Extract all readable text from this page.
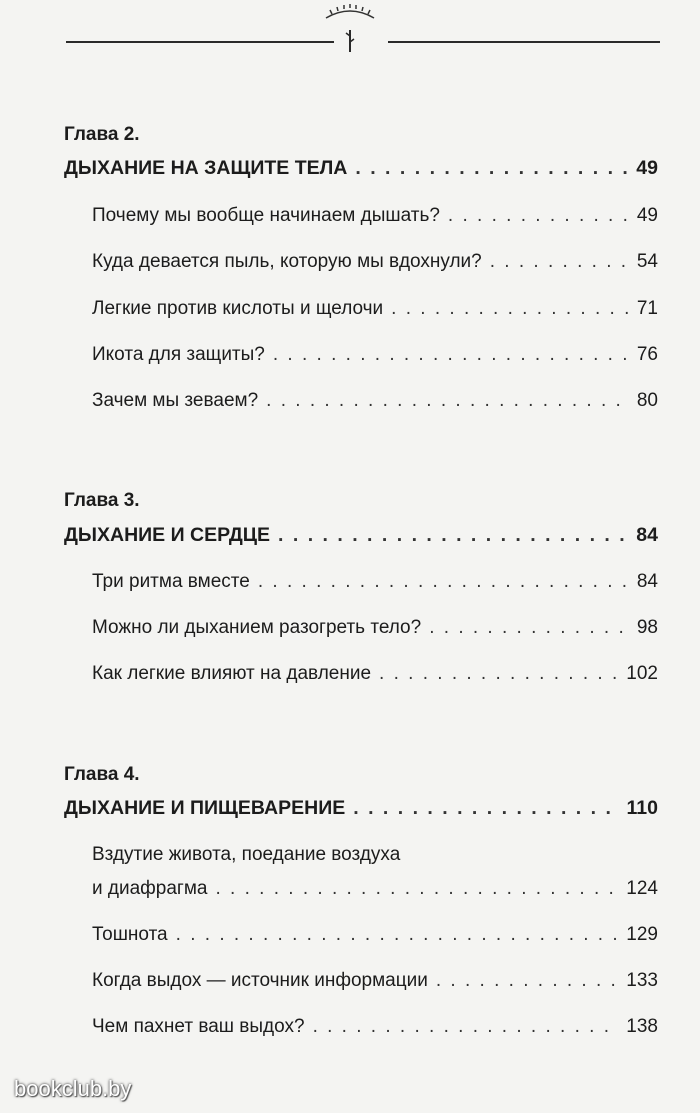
Глава 2.
ДЫХАНИЕ НА ЗАЩИТЕ ТЕЛА . . .	49
Почему мы вообще начинаем дышать? . . .	49
Куда девается пыль, которую мы вдохнули? . . .	54
Легкие против кислоты и щелочи . . .	71
Икота для защиты? . . .	76
Зачем мы зеваем? . . .	80
Глава 3.
ДЫХАНИЕ И СЕРДЦЕ . . .	84
Три ритма вместе . . .	84
Можно ли дыханием разогреть тело? . . .	98
Как легкие влияют на давление . . .	102
Глава 4.
ДЫХАНИЕ И ПИЩЕВАРЕНИЕ . . .	110
Вздутие живота, поедание воздуха
и диафрагма . . .	124
Тошнота . . .	129
Когда выдох — источник информации . . .	133
Чем пахнет ваш выдох? . . .	138
bookclub.by
